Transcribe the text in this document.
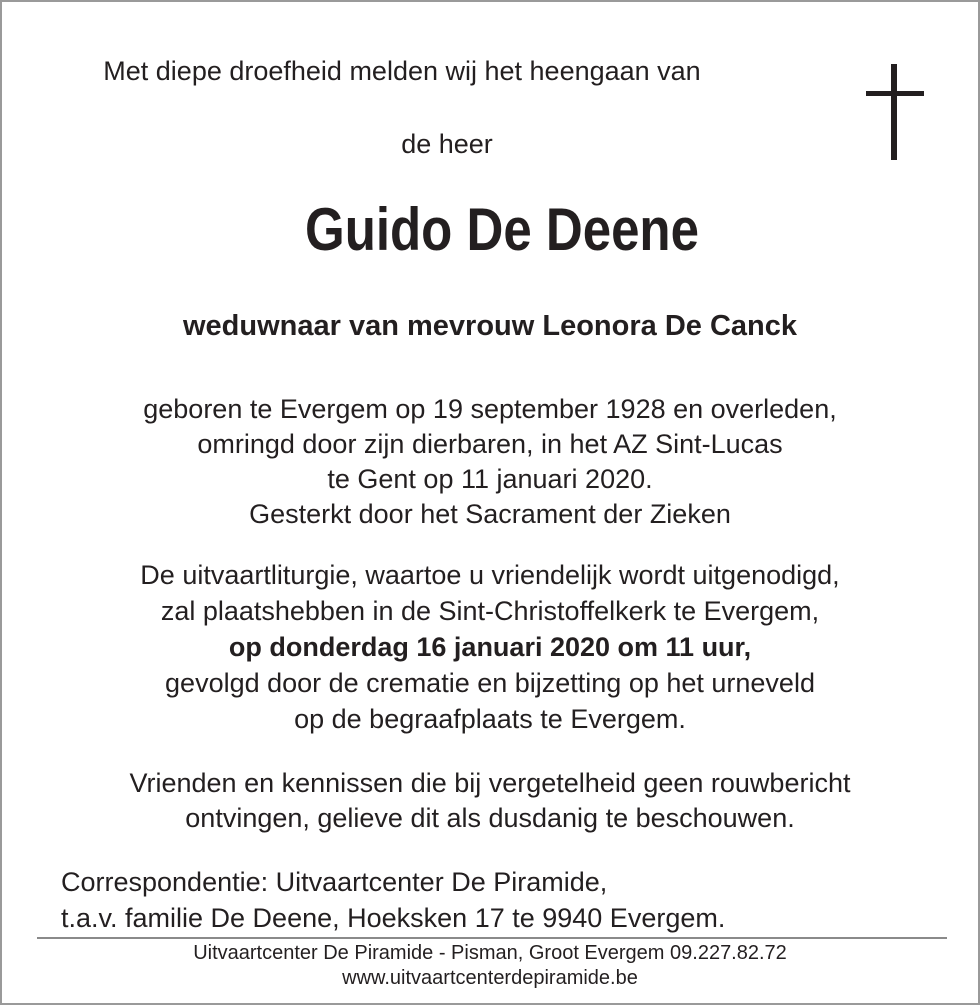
Met diepe droefheid melden wij het heengaan van
de heer
Guido De Deene
weduwnaar van mevrouw Leonora De Canck
geboren te Evergem op 19 september 1928 en overleden,
omringd door zijn dierbaren, in het AZ Sint-Lucas
te Gent op 11 januari 2020.
Gesterkt door het Sacrament der Zieken
De uitvaartliturgie, waartoe u vriendelijk wordt uitgenodigd,
zal plaatshebben in de Sint-Christoffelkerk te Evergem,
op donderdag 16 januari 2020 om 11 uur,
gevolgd door de crematie en bijzetting op het urneveld
op de begraafplaats te Evergem.
Vrienden en kennissen die bij vergetelheid geen rouwbericht
ontvingen, gelieve dit als dusdanig te beschouwen.
Correspondentie: Uitvaartcenter De Piramide,
t.a.v. familie De Deene, Hoeksken 17 te 9940 Evergem.
Uitvaartcenter De Piramide - Pisman, Groot Evergem 09.227.82.72
www.uitvaartcenterdepiramide.be
